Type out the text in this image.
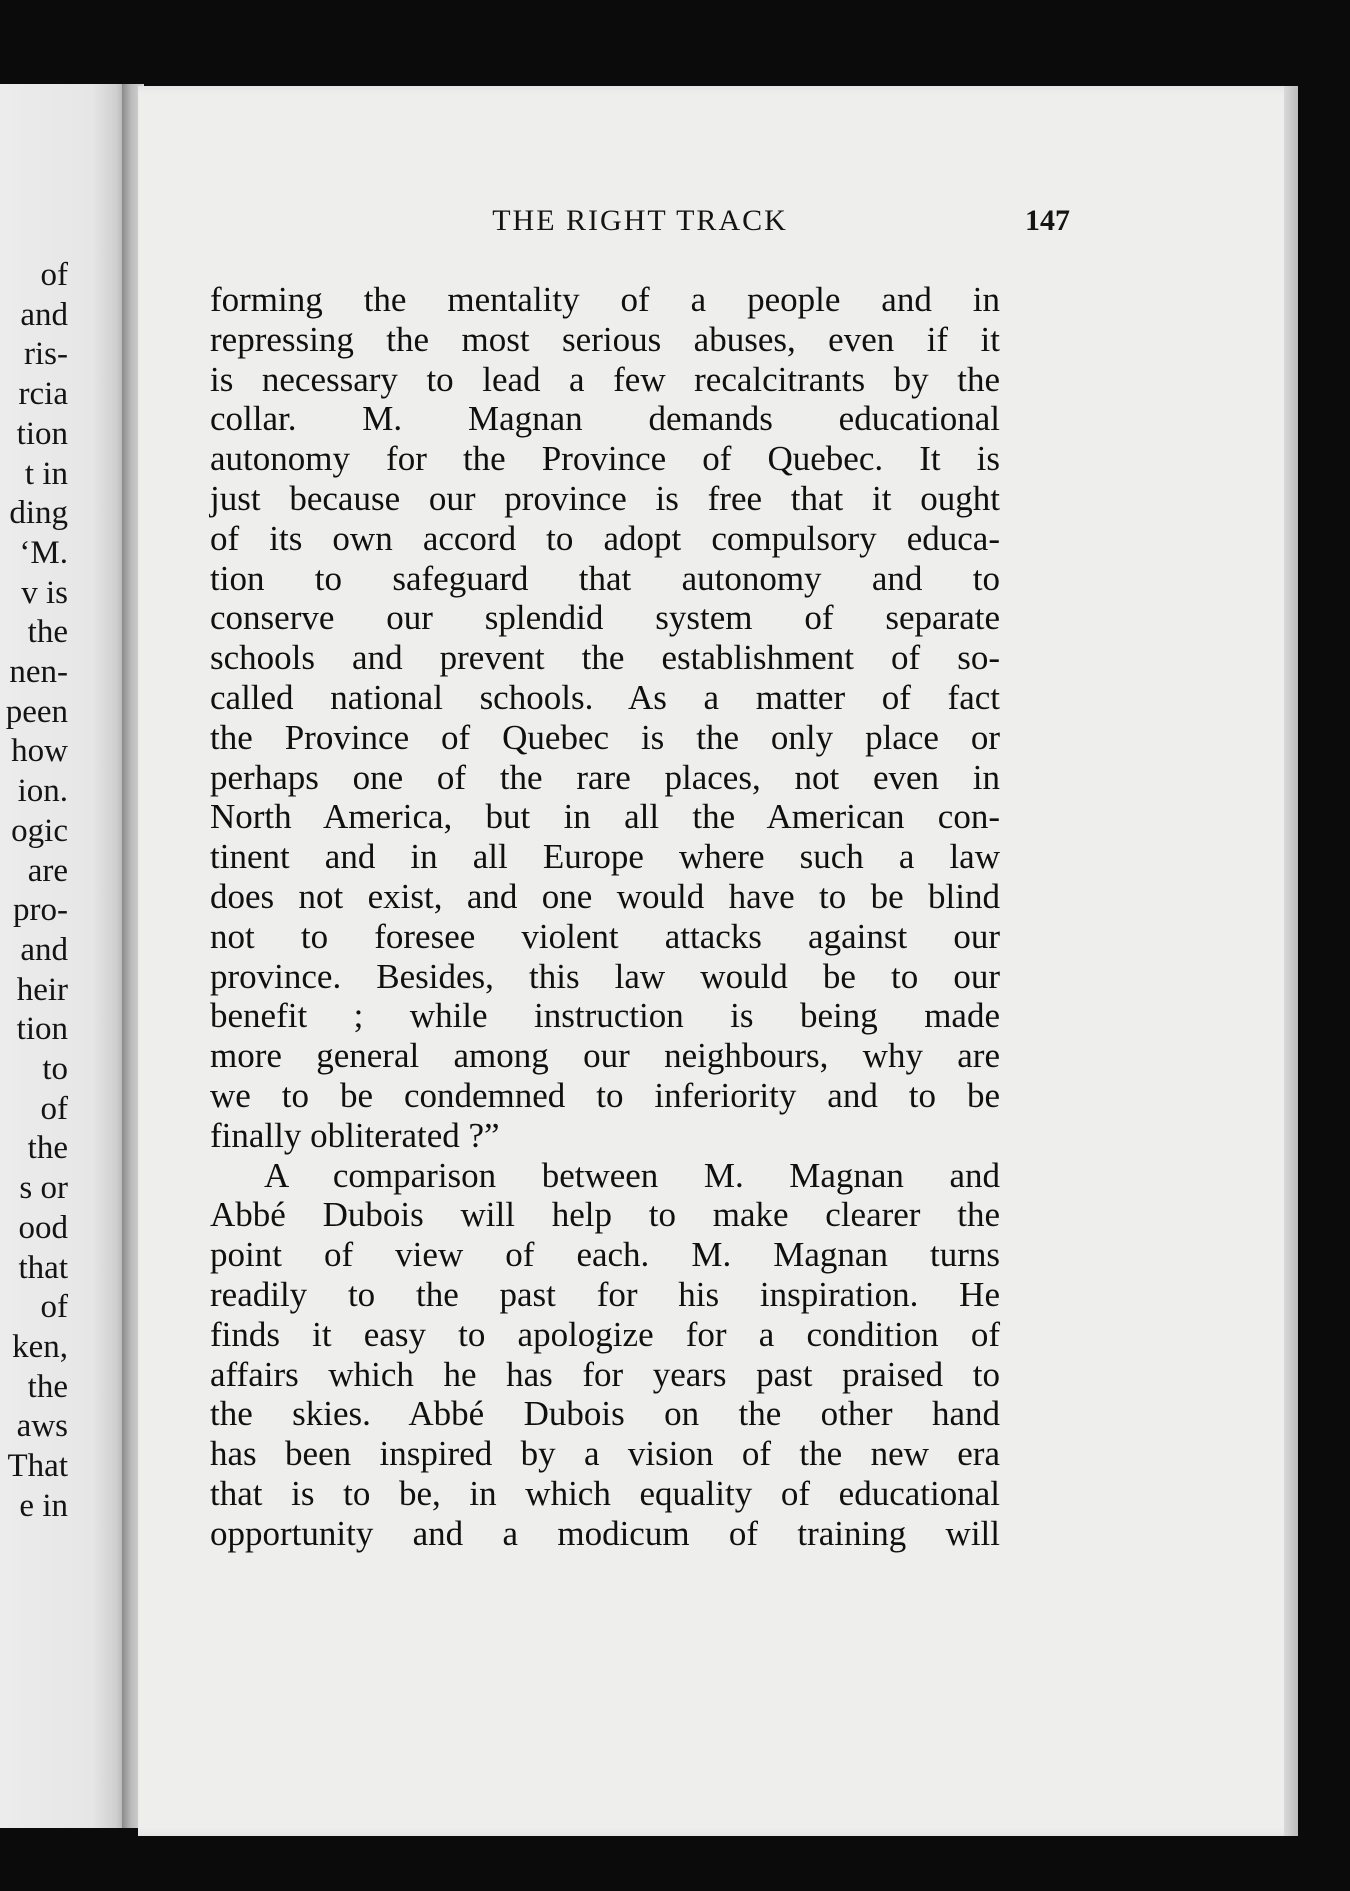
of
and
ris-
rcia
tion
t in
ding
‘M.
v is
the
nen-
peen
how
ion.
ogic
are
pro-
and
heir
tion
to
of
the
s or
ood
that
of
ken,
the
aws
That
e in
THE RIGHT TRACK	147
forming the mentality of a people and in
repressing the most serious abuses, even if it
is necessary to lead a few recalcitrants by the
collar. M. Magnan demands educational
autonomy for the Province of Quebec. It is
just because our province is free that it ought
of its own accord to adopt compulsory educa-
tion to safeguard that autonomy and to
conserve our splendid system of separate
schools and prevent the establishment of so-
called national schools. As a matter of fact
the Province of Quebec is the only place or
perhaps one of the rare places, not even in
North America, but in all the American con-
tinent and in all Europe where such a law
does not exist, and one would have to be blind
not to foresee violent attacks against our
province. Besides, this law would be to our
benefit ; while instruction is being made
more general among our neighbours, why are
we to be condemned to inferiority and to be
finally obliterated ?”
A comparison between M. Magnan and
Abbé Dubois will help to make clearer the
point of view of each. M. Magnan turns
readily to the past for his inspiration. He
finds it easy to apologize for a condition of
affairs which he has for years past praised to
the skies. Abbé Dubois on the other hand
has been inspired by a vision of the new era
that is to be, in which equality of educational
opportunity and a modicum of training will
